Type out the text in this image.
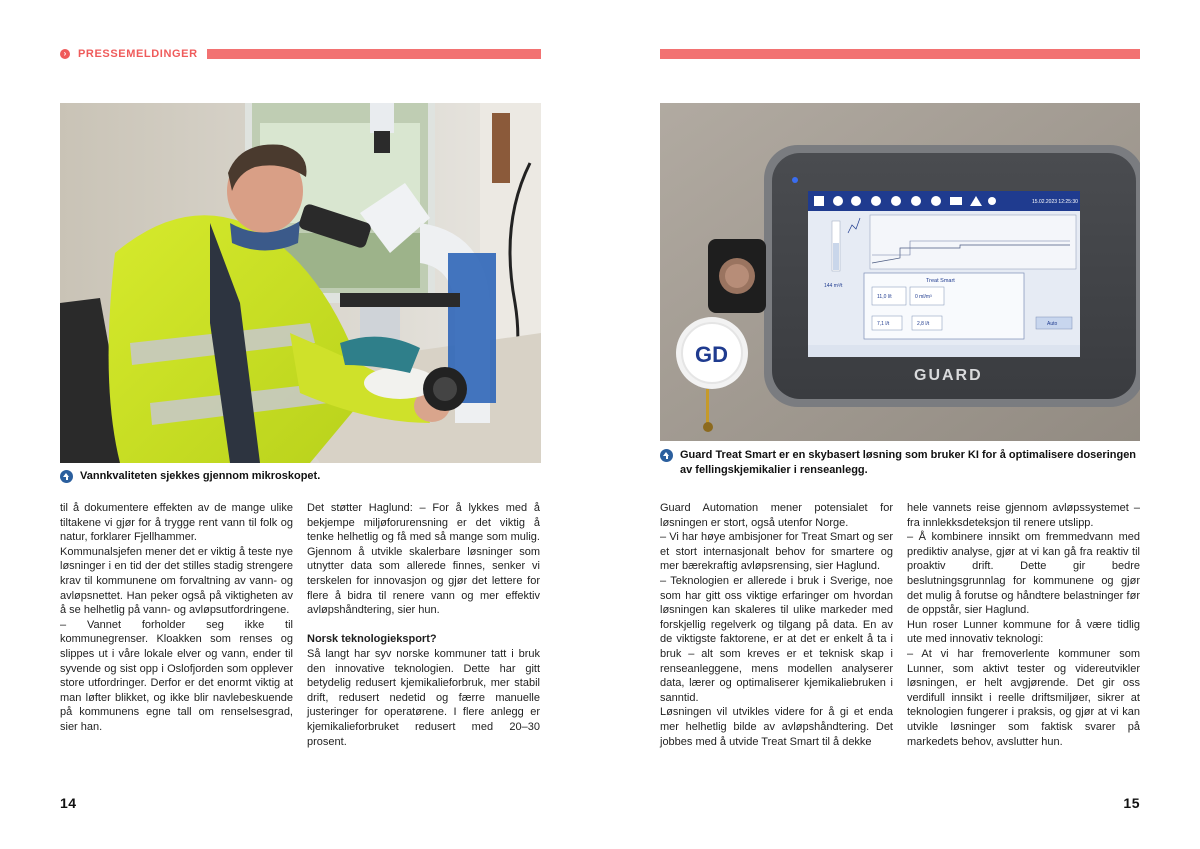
›	PRESSEMELDINGER
Vannkvaliteten sjekkes gjennom mikroskopet.

til å dokumentere effekten av de mange ulike tiltakene vi gjør for å trygge rent vann til folk og natur, forklarer Fjellhammer.

Kommunalsjefen mener det er viktig å teste nye løsninger i en tid der det stilles stadig strengere krav til kommunene om forvaltning av vann- og avløpsnettet. Han peker også på viktigheten av å se helhetlig på vann- og avløpsutfordringene.

– Vannet forholder seg ikke til kommunegrenser. Kloakken som renses og slippes ut i våre lokale elver og vann, ender til syvende og sist opp i Oslofjorden som opplever store utfordringer. Derfor er det enormt viktig at man løfter blikket, og ikke blir navlebeskuende på kommunens egne tall om renselsesgrad, sier han.

Det støtter Haglund: – For å lykkes med å bekjempe miljøforurensning er det viktig å tenke helhetlig og få med så mange som mulig. Gjennom å utvikle skalerbare løsninger som utnytter data som allerede finnes, senker vi terskelen for innovasjon og gjør det lettere for flere å bidra til renere vann og mer effektiv avløpshåndtering, sier hun.

Norsk teknologieksport?

Så langt har syv norske kommuner tatt i bruk den innovative teknologien. Dette har gitt betydelig redusert kjemikalieforbruk, mer stabil drift, redusert nedetid og færre manuelle justeringer for operatørene. I flere anlegg er kjemikalieforbruket redusert med 20–30 prosent.

14
15.02.2023 12:25:30
144 m³/t
Treat Smart
11,0 l/t	0 ml/m³
7,1 l/t	2,8 l/t	Auto
GUARD
GD
Guard Treat Smart er en skybasert løsning som bruker KI for å optimalisere doseringen av fellingskjemikalier i renseanlegg.

Guard Automation mener potensialet for løsningen er stort, også utenfor Norge.

– Vi har høye ambisjoner for Treat Smart og ser et stort internasjonalt behov for smartere og mer bærekraftig avløpsrensing, sier Haglund.

– Teknologien er allerede i bruk i Sverige, noe som har gitt oss viktige erfaringer om hvordan løsningen kan skaleres til ulike markeder med forskjellig regelverk og tilgang på data. En av de viktigste faktorene, er at det er enkelt å ta i bruk – alt som kreves er et teknisk skap i renseanleggene, mens modellen analyserer data, lærer og optimaliserer kjemikaliebruken i sanntid.

Løsningen vil utvikles videre for å gi et enda mer helhetlig bilde av avløpshåndtering. Det jobbes med å utvide Treat Smart til å dekke

hele vannets reise gjennom avløpssystemet – fra innlekksdeteksjon til renere utslipp.

– Å kombinere innsikt om fremmedvann med prediktiv analyse, gjør at vi kan gå fra reaktiv til proaktiv drift. Dette gir bedre beslutningsgrunnlag for kommunene og gjør det mulig å forutse og håndtere belastninger før de oppstår, sier Haglund.

Hun roser Lunner kommune for å være tidlig ute med innovativ teknologi:

– At vi har fremoverlente kommuner som Lunner, som aktivt tester og videreutvikler løsningen, er helt avgjørende. Det gir oss verdifull innsikt i reelle driftsmiljøer, sikrer at teknologien fungerer i praksis, og gjør at vi kan utvikle løsninger som faktisk svarer på markedets behov, avslutter hun.

15
